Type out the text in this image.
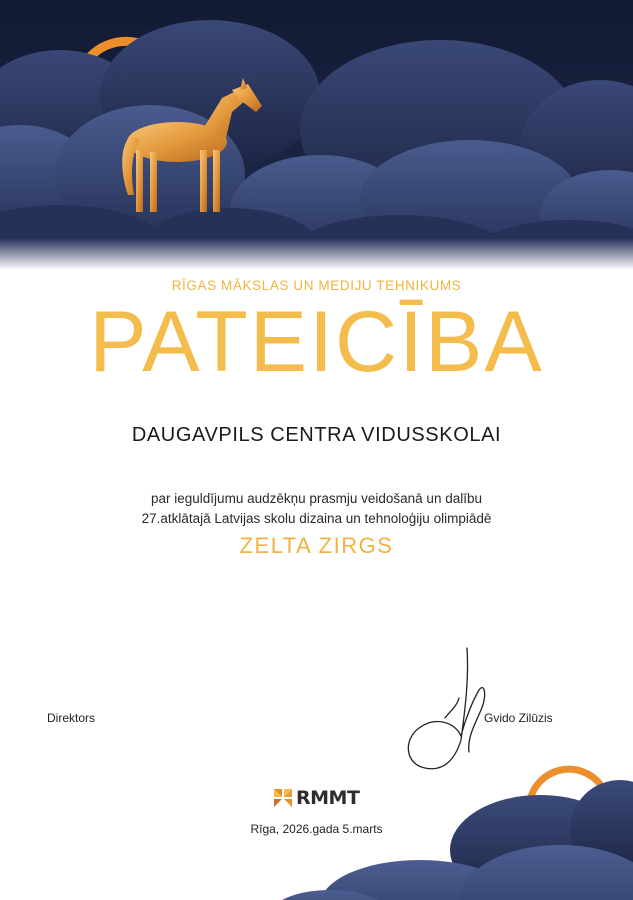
RĪGAS MĀKSLAS UN MEDIJU TEHNIKUMS
PATEICĪBA
DAUGAVPILS CENTRA VIDUSSKOLAI
par ieguldījumu audzēkņu prasmju veidošanā un dalību
27.atklātajā Latvijas skolu dizaina un tehnoloģiju olimpiādē
ZELTA ZIRGS
Direktors	Gvido Zilūzis
RMMT
Rīga, 2026.gada 5.marts
